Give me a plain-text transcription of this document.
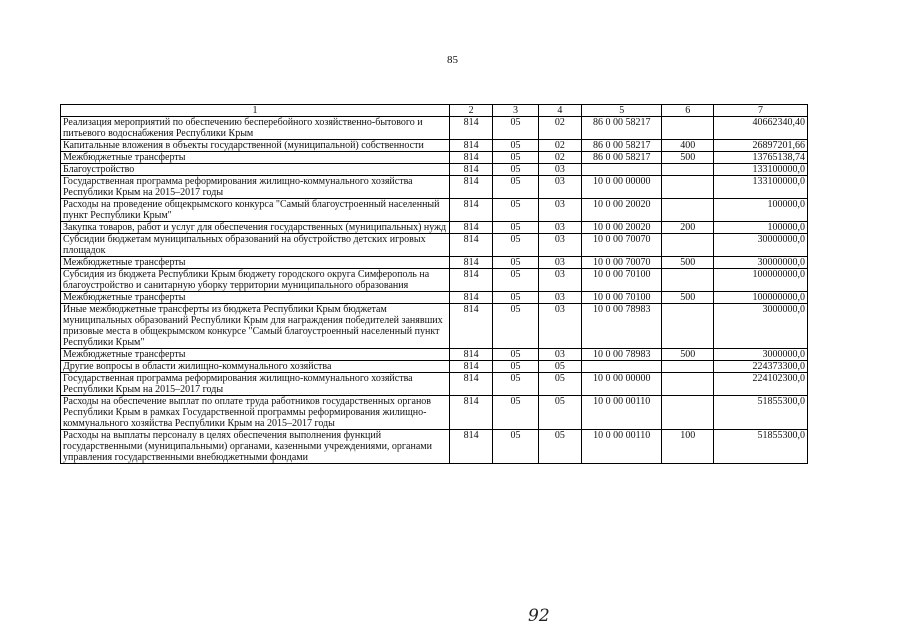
85
1	2	3	4	5	6	7
Реализация мероприятий по обеспечению бесперебойного хозяйственно-бытового и питьевого водоснабжения Республики Крым	814	05	02	86 0 00 58217		40662340,40
Капитальные вложения в объекты государственной (муниципальной) собственности	814	05	02	86 0 00 58217	400	26897201,66
Межбюджетные трансферты	814	05	02	86 0 00 58217	500	13765138,74
Благоустройство	814	05	03			133100000,0
Государственная программа реформирования жилищно-коммунального хозяйства Республики Крым на 2015–2017 годы	814	05	03	10 0 00 00000		133100000,0
Расходы на проведение общекрымского конкурса "Самый благоустроенный населенный пункт Республики Крым"	814	05	03	10 0 00 20020		100000,0
Закупка товаров, работ и услуг для обеспечения государственных (муниципальных) нужд	814	05	03	10 0 00 20020	200	100000,0
Субсидии бюджетам муниципальных образований на обустройство детских игровых площадок	814	05	03	10 0 00 70070		30000000,0
Межбюджетные трансферты	814	05	03	10 0 00 70070	500	30000000,0
Субсидия из бюджета Республики Крым бюджету городского округа Симферополь на благоустройство и санитарную уборку территории муниципального образования	814	05	03	10 0 00 70100		100000000,0
Межбюджетные трансферты	814	05	03	10 0 00 70100	500	100000000,0
Иные межбюджетные трансферты из бюджета Республики Крым бюджетам муниципальных образований Республики Крым для награждения победителей занявших призовые места в общекрымском конкурсе "Самый благоустроенный населенный пункт Республики Крым"	814	05	03	10 0 00 78983		3000000,0
Межбюджетные трансферты	814	05	03	10 0 00 78983	500	3000000,0
Другие вопросы в области жилищно-коммунального хозяйства	814	05	05			224373300,0
Государственная программа реформирования жилищно-коммунального хозяйства Республики Крым на 2015–2017 годы	814	05	05	10 0 00 00000		224102300,0
Расходы на обеспечение выплат по оплате труда работников государственных органов Республики Крым в рамках Государственной программы реформирования жилищно-коммунального хозяйства Республики Крым на 2015–2017 годы	814	05	05	10 0 00 00110		51855300,0
Расходы на выплаты персоналу в целях обеспечения выполнения функций государственными (муниципальными) органами, казенными учреждениями, органами управления государственными внебюджетными фондами	814	05	05	10 0 00 00110	100	51855300,0
92
